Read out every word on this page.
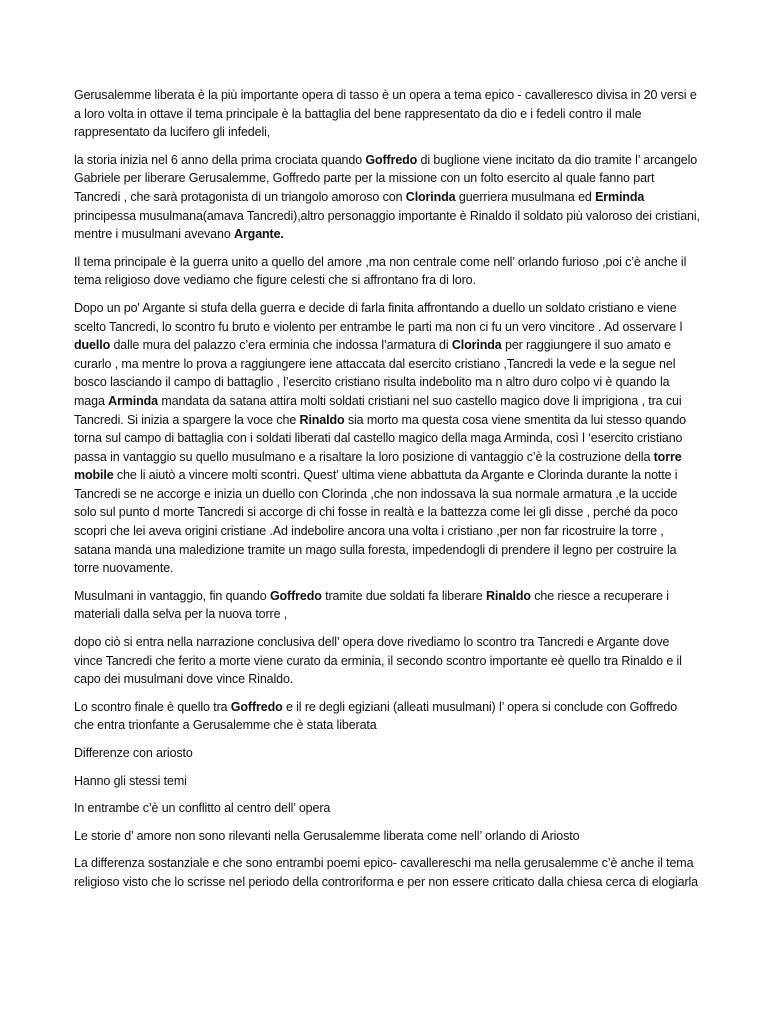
Gerusalemme liberata è la più importante opera di tasso è un opera a tema epico - cavalleresco divisa in 20 versi e a loro volta in ottave il tema principale è la battaglia del bene rappresentato da dio e i fedeli contro il male rappresentato da lucifero gli infedeli,

la storia inizia nel 6 anno della prima crociata quando Goffredo di buglione viene incitato da dio tramite l’ arcangelo Gabriele per liberare Gerusalemme, Goffredo parte per la missione con un folto esercito al quale fanno part Tancredi , che sarà protagonista di un triangolo amoroso con Clorinda guerriera musulmana ed Erminda principessa musulmana(amava Tancredi),altro personaggio importante è Rinaldo il soldato più valoroso dei cristiani, mentre i musulmani avevano Argante.

Il tema principale è la guerra unito a quello del amore ,ma non centrale come nell’ orlando furioso ,poi c’è anche il tema religioso dove vediamo che figure celesti che si affrontano fra di loro.

Dopo un po' Argante si stufa della guerra e decide di farla finita affrontando a duello un soldato cristiano e viene scelto Tancredi, lo scontro fu bruto e violento per entrambe le parti ma non ci fu un vero vincitore . Ad osservare l duello dalle mura del palazzo c’era erminia che indossa l’armatura di Clorinda per raggiungere il suo amato e curarlo , ma mentre lo prova a raggiungere iene attaccata dal esercito cristiano ,Tancredi la vede e la segue nel bosco lasciando il campo di battaglio , l’esercito cristiano risulta indebolito ma n altro duro colpo vi è quando la maga Arminda mandata da satana attira molti soldati cristiani nel suo castello magico dove li imprigiona , tra cui Tancredi. Si inizia a spargere la voce che Rinaldo sia morto ma questa cosa viene smentita da lui stesso quando torna sul campo di battaglia con i soldati liberati dal castello magico della maga Arminda, così l ‘esercito cristiano passa in vantaggio su quello musulmano e a risaltare la loro posizione di vantaggio c’è la costruzione della torre mobile che li aiutò a vincere molti scontri. Quest’ ultima viene abbattuta da Argante e Clorinda durante la notte i Tancredi se ne accorge e inizia un duello con Clorinda ,che non indossava la sua normale armatura ,e la uccide solo sul punto d morte Tancredi si accorge di chi fosse in realtà e la battezza come lei gli disse , perché da poco scopri che lei aveva origini cristiane .Ad indebolire ancora una volta i cristiano ,per non far ricostruire la torre , satana manda una maledizione tramite un mago sulla foresta, impedendogli di prendere il legno per costruire la torre nuovamente.

Musulmani in vantaggio, fin quando Goffredo tramite due soldati fa liberare Rinaldo che riesce a recuperare i materiali dalla selva per la nuova torre ,

dopo ciò si entra nella narrazione conclusiva dell’ opera dove rivediamo lo scontro tra Tancredi e Argante dove vince Tancredi che ferito a morte viene curato da erminia, il secondo scontro importante eè quello tra Rinaldo e il capo dei musulmani dove vince Rinaldo.

Lo scontro finale è quello tra Goffredo e il re degli egiziani (alleati musulmani) l’ opera si conclude con Goffredo che entra trionfante a Gerusalemme che è stata liberata

Differenze con ariosto

Hanno gli stessi temi

In entrambe c’è un conflitto al centro dell’ opera

Le storie d’ amore non sono rilevanti nella Gerusalemme liberata come nell’ orlando di Ariosto

La differenza sostanziale e che sono entrambi poemi epico- cavallereschi ma nella gerusalemme c’è anche il tema religioso visto che lo scrisse nel periodo della controriforma e per non essere criticato dalla chiesa cerca di elogiarla
